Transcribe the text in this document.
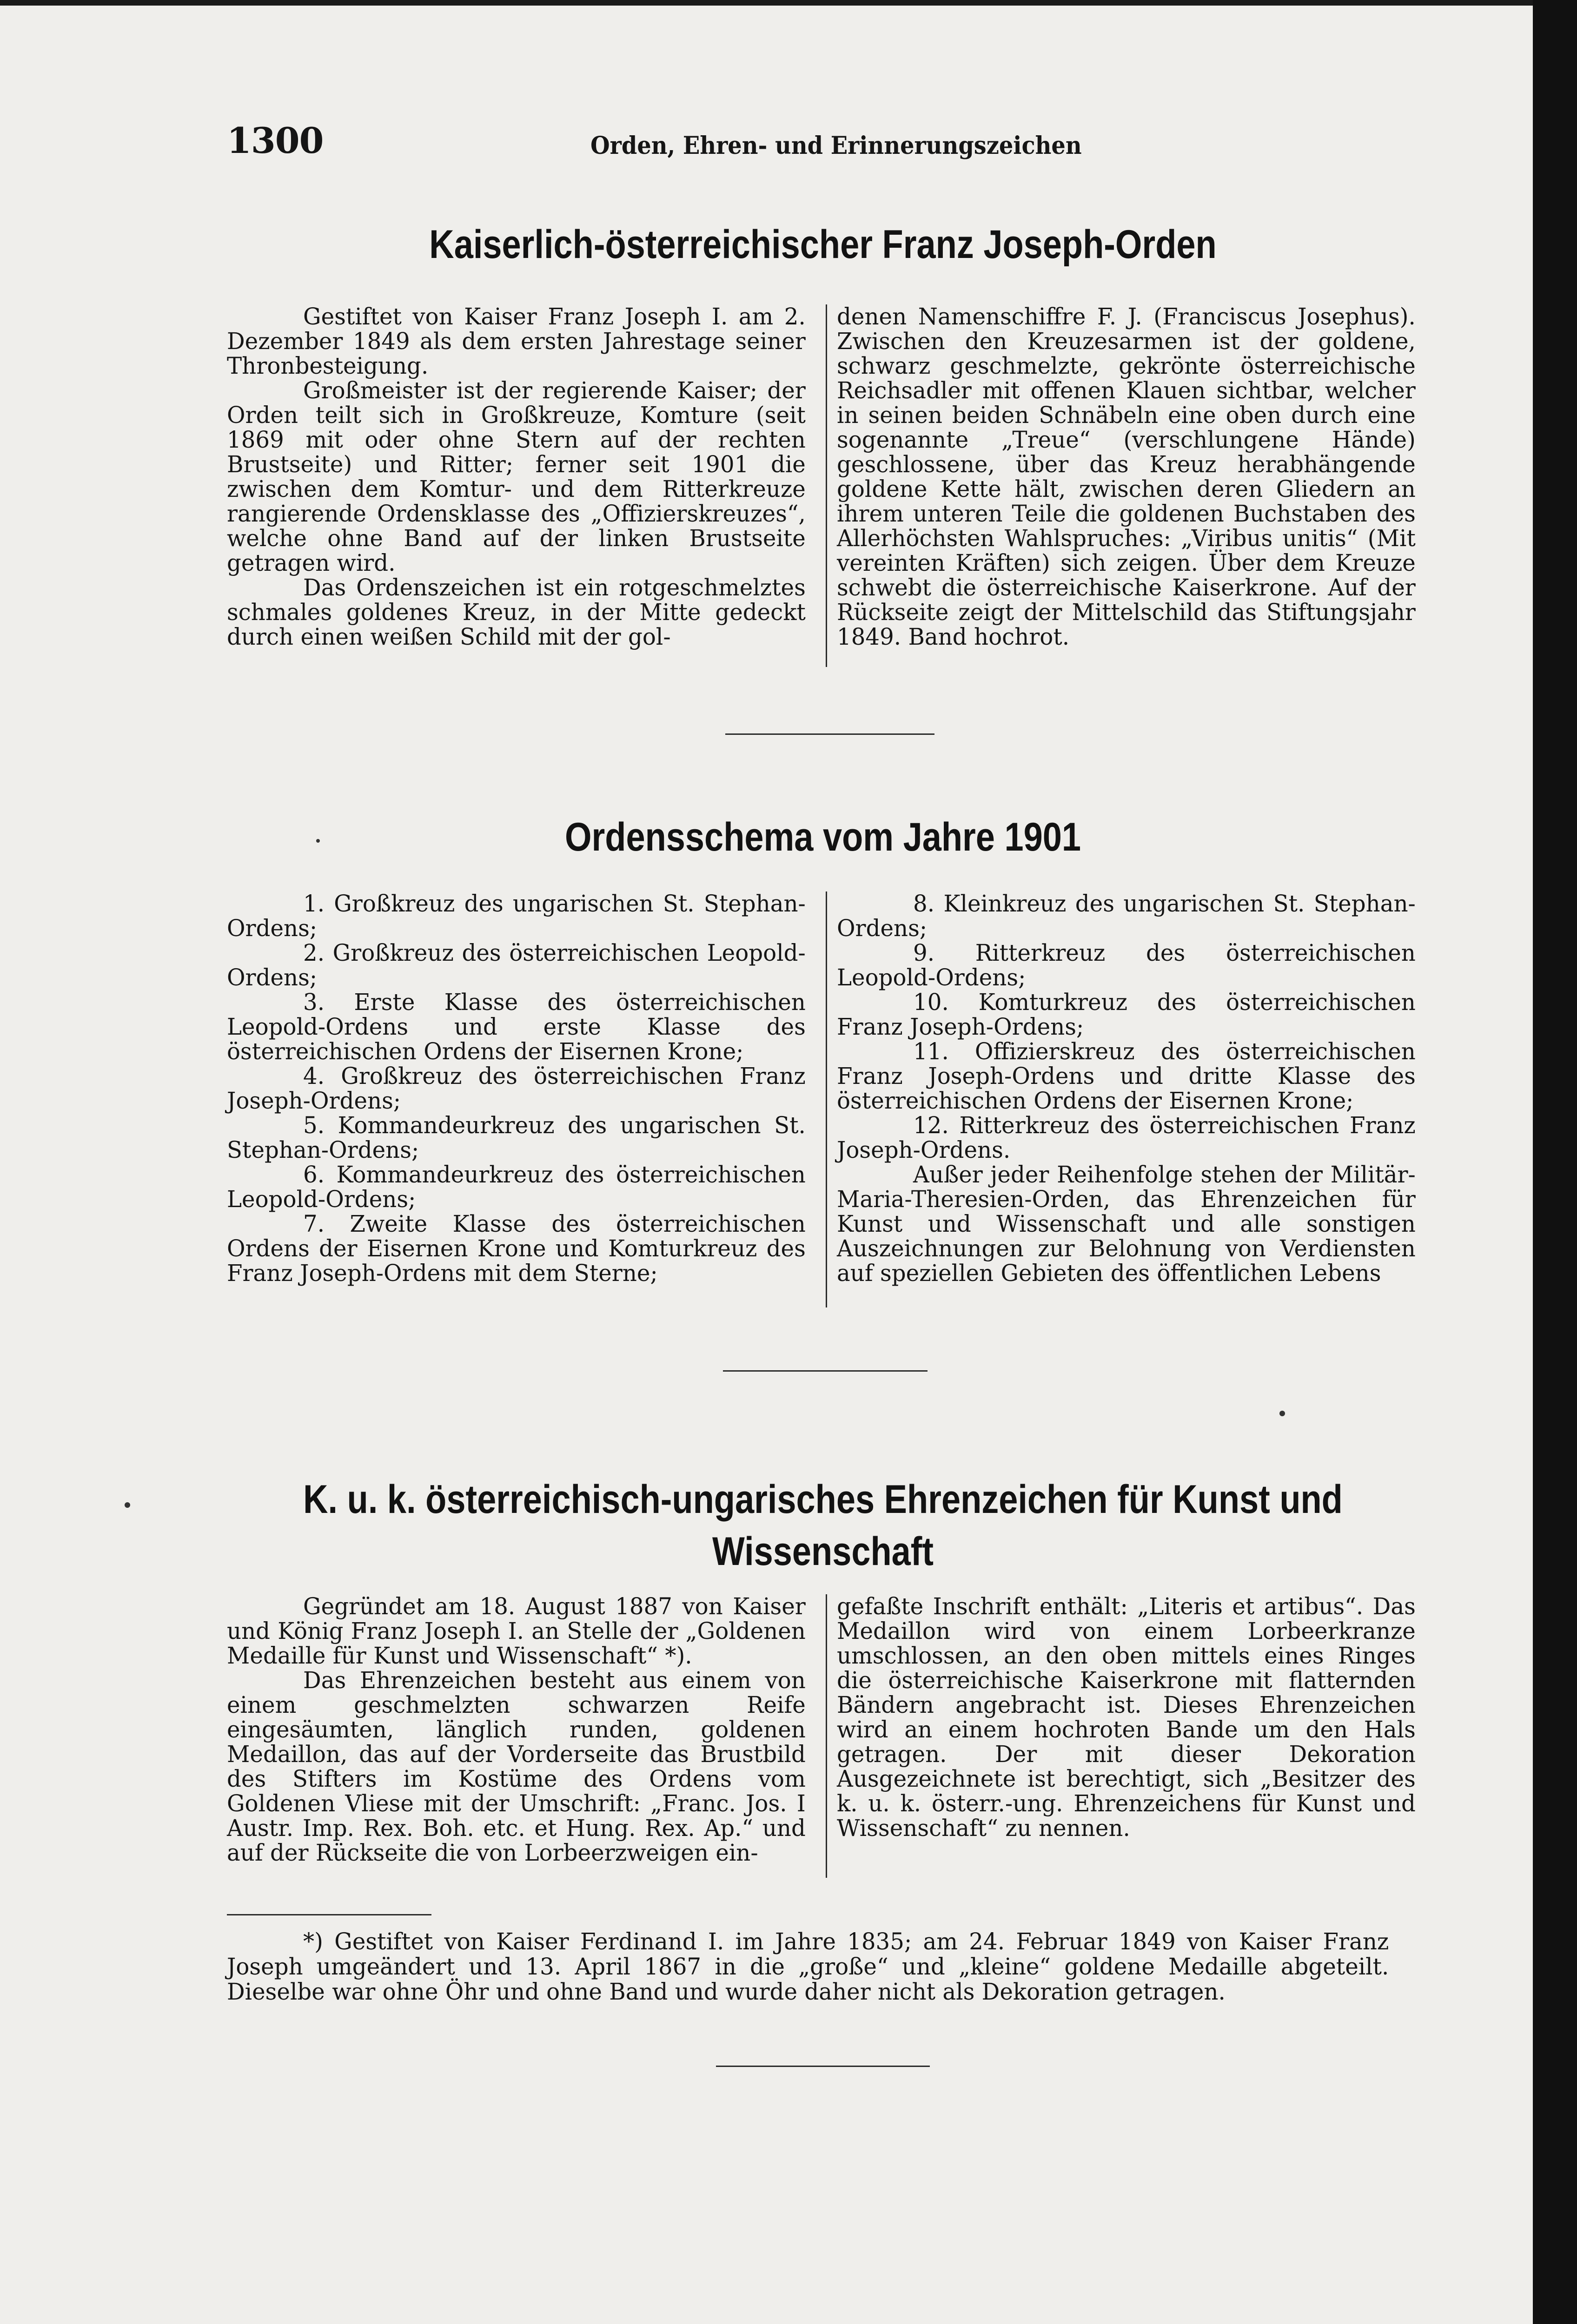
1300	Orden, Ehren- und Erinnerungszeichen
Kaiserlich-österreichischer Franz Joseph-Orden

Gestiftet von Kaiser Franz Joseph I. am 2. Dezember 1849 als dem ersten Jahrestage seiner Thronbesteigung.

Großmeister ist der regierende Kaiser; der Orden teilt sich in Großkreuze, Komture (seit 1869 mit oder ohne Stern auf der rechten Brustseite) und Ritter; ferner seit 1901 die zwischen dem Komtur- und dem Ritterkreuze rangierende Ordensklasse des „Offizierskreuzes“, welche ohne Band auf der linken Brustseite getragen wird.

Das Ordenszeichen ist ein rotgeschmelztes schmales goldenes Kreuz, in der Mitte gedeckt durch einen weißen Schild mit der gol-

denen Namenschiffre F. J. (Franciscus Josephus). Zwischen den Kreuzesarmen ist der goldene, schwarz geschmelzte, gekrönte österreichische Reichsadler mit offenen Klauen sichtbar, welcher in seinen beiden Schnäbeln eine oben durch eine sogenannte „Treue“ (verschlungene Hände) geschlossene, über das Kreuz herabhängende goldene Kette hält, zwischen deren Gliedern an ihrem unteren Teile die goldenen Buchstaben des Allerhöchsten Wahlspruches: „Viribus unitis“ (Mit vereinten Kräften) sich zeigen. Über dem Kreuze schwebt die österreichische Kaiserkrone. Auf der Rückseite zeigt der Mittelschild das Stiftungsjahr 1849. Band hochrot.

Ordensschema vom Jahre 1901

1. Großkreuz des ungarischen St. Stephan-Ordens;

2. Großkreuz des österreichischen Leopold-Ordens;

3. Erste Klasse des österreichischen Leopold-Ordens und erste Klasse des österreichischen Ordens der Eisernen Krone;

4. Großkreuz des österreichischen Franz Joseph-Ordens;

5. Kommandeurkreuz des ungarischen St. Stephan-Ordens;

6. Kommandeurkreuz des österreichischen Leopold-Ordens;

7. Zweite Klasse des österreichischen Ordens der Eisernen Krone und Komturkreuz des Franz Joseph-Ordens mit dem Sterne;

8. Kleinkreuz des ungarischen St. Stephan-Ordens;

9. Ritterkreuz des österreichischen Leopold-Ordens;

10. Komturkreuz des österreichischen Franz Joseph-Ordens;

11. Offizierskreuz des österreichischen Franz Joseph-Ordens und dritte Klasse des österreichischen Ordens der Eisernen Krone;

12. Ritterkreuz des österreichischen Franz Joseph-Ordens.

Außer jeder Reihenfolge stehen der Militär-Maria-Theresien-Orden, das Ehrenzeichen für Kunst und Wissenschaft und alle sonstigen Auszeichnungen zur Belohnung von Verdiensten auf speziellen Gebieten des öffentlichen Lebens

K. u. k. österreichisch-ungarisches Ehrenzeichen für Kunst und Wissenschaft

Gegründet am 18. August 1887 von Kaiser und König Franz Joseph I. an Stelle der „Goldenen Medaille für Kunst und Wissenschaft“ *).

Das Ehrenzeichen besteht aus einem von einem geschmelzten schwarzen Reife eingesäumten, länglich runden, goldenen Medaillon, das auf der Vorderseite das Brustbild des Stifters im Kostüme des Ordens vom Goldenen Vliese mit der Umschrift: „Franc. Jos. I Austr. Imp. Rex. Boh. etc. et Hung. Rex. Ap.“ und auf der Rückseite die von Lorbeerzweigen ein-

gefaßte Inschrift enthält: „Literis et artibus“. Das Medaillon wird von einem Lorbeerkranze umschlossen, an den oben mittels eines Ringes die österreichische Kaiserkrone mit flatternden Bändern angebracht ist. Dieses Ehrenzeichen wird an einem hochroten Bande um den Hals getragen. Der mit dieser Dekoration Ausgezeichnete ist berechtigt, sich „Besitzer des k. u. k. österr.-ung. Ehrenzeichens für Kunst und Wissenschaft“ zu nennen.

*) Gestiftet von Kaiser Ferdinand I. im Jahre 1835; am 24. Februar 1849 von Kaiser Franz Joseph umgeändert und 13. April 1867 in die „große“ und „kleine“ goldene Medaille abgeteilt. Dieselbe war ohne Öhr und ohne Band und wurde daher nicht als Dekoration getragen.
